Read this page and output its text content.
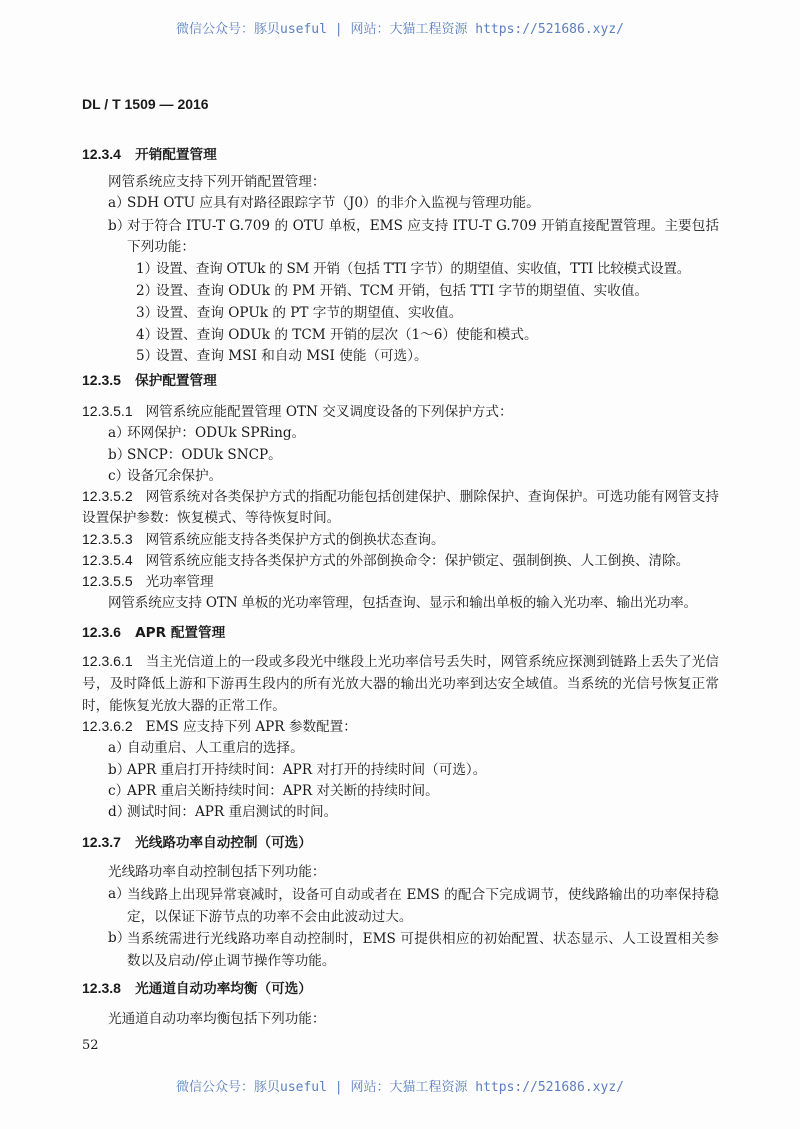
微信公众号：豚贝useful | 网站：大猫工程资源 https://521686.xyz/
DL / T 1509 — 2016
12.3.4 开销配置管理
网管系统应支持下列开销配置管理：
a）
SDH OTU 应具有对路径跟踪字节（J0）的非介入监视与管理功能。
b）
对于符合 ITU-T G.709 的 OTU 单板，EMS 应支持 ITU-T G.709 开销直接配置管理。主要包括下列功能：
1）
设置、查询 OTUk 的 SM 开销（包括 TTI 字节）的期望值、实收值，TTI 比较模式设置。
2）
设置、查询 ODUk 的 PM 开销、TCM 开销，包括 TTI 字节的期望值、实收值。
3）
设置、查询 OPUk 的 PT 字节的期望值、实收值。
4）
设置、查询 ODUk 的 TCM 开销的层次（1～6）使能和模式。
5）
设置、查询 MSI 和自动 MSI 使能（可选）。
12.3.5 保护配置管理
12.3.5.1 网管系统应能配置管理 OTN 交叉调度设备的下列保护方式：
a）
环网保护：ODUk SPRing。
b）
SNCP：ODUk SNCP。
c）
设备冗余保护。
12.3.5.2 网管系统对各类保护方式的指配功能包括创建保护、删除保护、查询保护。可选功能有网管支持设置保护参数：恢复模式、等待恢复时间。
12.3.5.3 网管系统应能支持各类保护方式的倒换状态查询。
12.3.5.4 网管系统应能支持各类保护方式的外部倒换命令：保护锁定、强制倒换、人工倒换、清除。
12.3.5.5 光功率管理
网管系统应支持 OTN 单板的光功率管理，包括查询、显示和输出单板的输入光功率、输出光功率。
12.3.6 APR 配置管理
12.3.6.1 当主光信道上的一段或多段光中继段上光功率信号丢失时，网管系统应探测到链路上丢失了光信号，及时降低上游和下游再生段内的所有光放大器的输出光功率到达安全域值。当系统的光信号恢复正常时，能恢复光放大器的正常工作。
12.3.6.2 EMS 应支持下列 APR 参数配置：
a）
自动重启、人工重启的选择。
b）
APR 重启打开持续时间：APR 对打开的持续时间（可选）。
c）
APR 重启关断持续时间：APR 对关断的持续时间。
d）
测试时间：APR 重启测试的时间。
12.3.7 光线路功率自动控制（可选）
光线路功率自动控制包括下列功能：
a）
当线路上出现异常衰减时，设备可自动或者在 EMS 的配合下完成调节，使线路输出的功率保持稳定，以保证下游节点的功率不会由此波动过大。
b）
当系统需进行光线路功率自动控制时，EMS 可提供相应的初始配置、状态显示、人工设置相关参数以及启动/停止调节操作等功能。
12.3.8 光通道自动功率均衡（可选）
光通道自动功率均衡包括下列功能：
52
微信公众号：豚贝useful | 网站：大猫工程资源 https://521686.xyz/
